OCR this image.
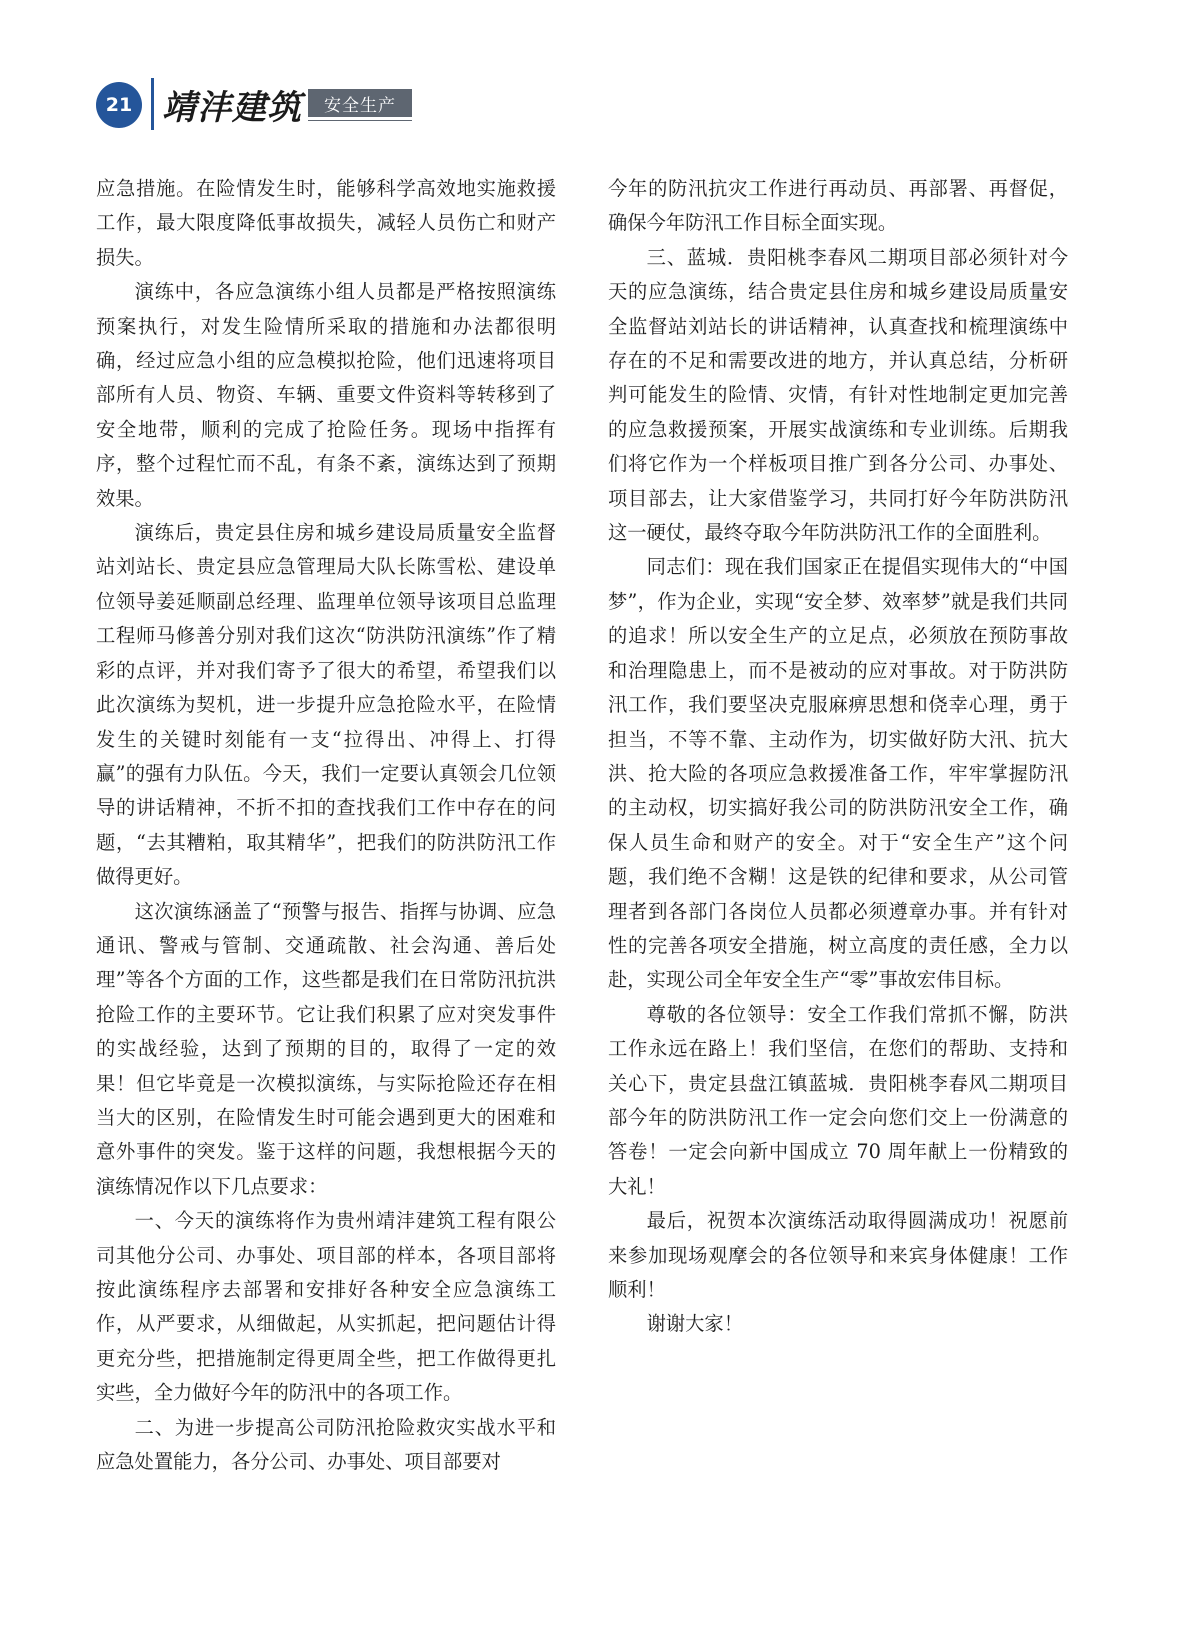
21 靖沣建筑	安全生产

应急措施。在险情发生时，能够科学高效地实施救援工作，最大限度降低事故损失，减轻人员伤亡和财产损失。

演练中，各应急演练小组人员都是严格按照演练预案执行，对发生险情所采取的措施和办法都很明确，经过应急小组的应急模拟抢险，他们迅速将项目部所有人员、物资、车辆、重要文件资料等转移到了安全地带，顺利的完成了抢险任务。现场中指挥有序，整个过程忙而不乱，有条不紊，演练达到了预期效果。

演练后，贵定县住房和城乡建设局质量安全监督站刘站长、贵定县应急管理局大队长陈雪松、建设单位领导姜延顺副总经理、监理单位领导该项目总监理工程师马修善分别对我们这次“防洪防汛演练”作了精彩的点评，并对我们寄予了很大的希望，希望我们以此次演练为契机，进一步提升应急抢险水平，在险情发生的关键时刻能有一支“拉得出、冲得上、打得赢”的强有力队伍。今天，我们一定要认真领会几位领导的讲话精神，不折不扣的查找我们工作中存在的问题，“去其糟粕，取其精华”，把我们的防洪防汛工作做得更好。

这次演练涵盖了“预警与报告、指挥与协调、应急通讯、警戒与管制、交通疏散、社会沟通、善后处理”等各个方面的工作，这些都是我们在日常防汛抗洪抢险工作的主要环节。它让我们积累了应对突发事件的实战经验，达到了预期的目的，取得了一定的效果！但它毕竟是一次模拟演练，与实际抢险还存在相当大的区别，在险情发生时可能会遇到更大的困难和意外事件的突发。鉴于这样的问题，我想根据今天的演练情况作以下几点要求：

一、今天的演练将作为贵州靖沣建筑工程有限公司其他分公司、办事处、项目部的样本，各项目部将按此演练程序去部署和安排好各种安全应急演练工作，从严要求，从细做起，从实抓起，把问题估计得更充分些，把措施制定得更周全些，把工作做得更扎实些，全力做好今年的防汛中的各项工作。

二、为进一步提高公司防汛抢险救灾实战水平和应急处置能力，各分公司、办事处、项目部要对

今年的防汛抗灾工作进行再动员、再部署、再督促，确保今年防汛工作目标全面实现。

三、蓝城．贵阳桃李春风二期项目部必须针对今天的应急演练，结合贵定县住房和城乡建设局质量安全监督站刘站长的讲话精神，认真查找和梳理演练中存在的不足和需要改进的地方，并认真总结，分析研判可能发生的险情、灾情，有针对性地制定更加完善的应急救援预案，开展实战演练和专业训练。后期我们将它作为一个样板项目推广到各分公司、办事处、项目部去，让大家借鉴学习，共同打好今年防洪防汛这一硬仗，最终夺取今年防洪防汛工作的全面胜利。

同志们：现在我们国家正在提倡实现伟大的“中国梦”，作为企业，实现“安全梦、效率梦”就是我们共同的追求！所以安全生产的立足点，必须放在预防事故和治理隐患上，而不是被动的应对事故。对于防洪防汛工作，我们要坚决克服麻痹思想和侥幸心理，勇于担当，不等不靠、主动作为，切实做好防大汛、抗大洪、抢大险的各项应急救援准备工作，牢牢掌握防汛的主动权，切实搞好我公司的防洪防汛安全工作，确保人员生命和财产的安全。对于“安全生产”这个问题，我们绝不含糊！这是铁的纪律和要求，从公司管理者到各部门各岗位人员都必须遵章办事。并有针对性的完善各项安全措施，树立高度的责任感，全力以赴，实现公司全年安全生产“零”事故宏伟目标。

尊敬的各位领导：安全工作我们常抓不懈，防洪工作永远在路上！我们坚信，在您们的帮助、支持和关心下，贵定县盘江镇蓝城．贵阳桃李春风二期项目部今年的防洪防汛工作一定会向您们交上一份满意的答卷！一定会向新中国成立 70 周年献上一份精致的大礼！

最后，祝贺本次演练活动取得圆满成功！祝愿前来参加现场观摩会的各位领导和来宾身体健康！工作顺利！

谢谢大家！
